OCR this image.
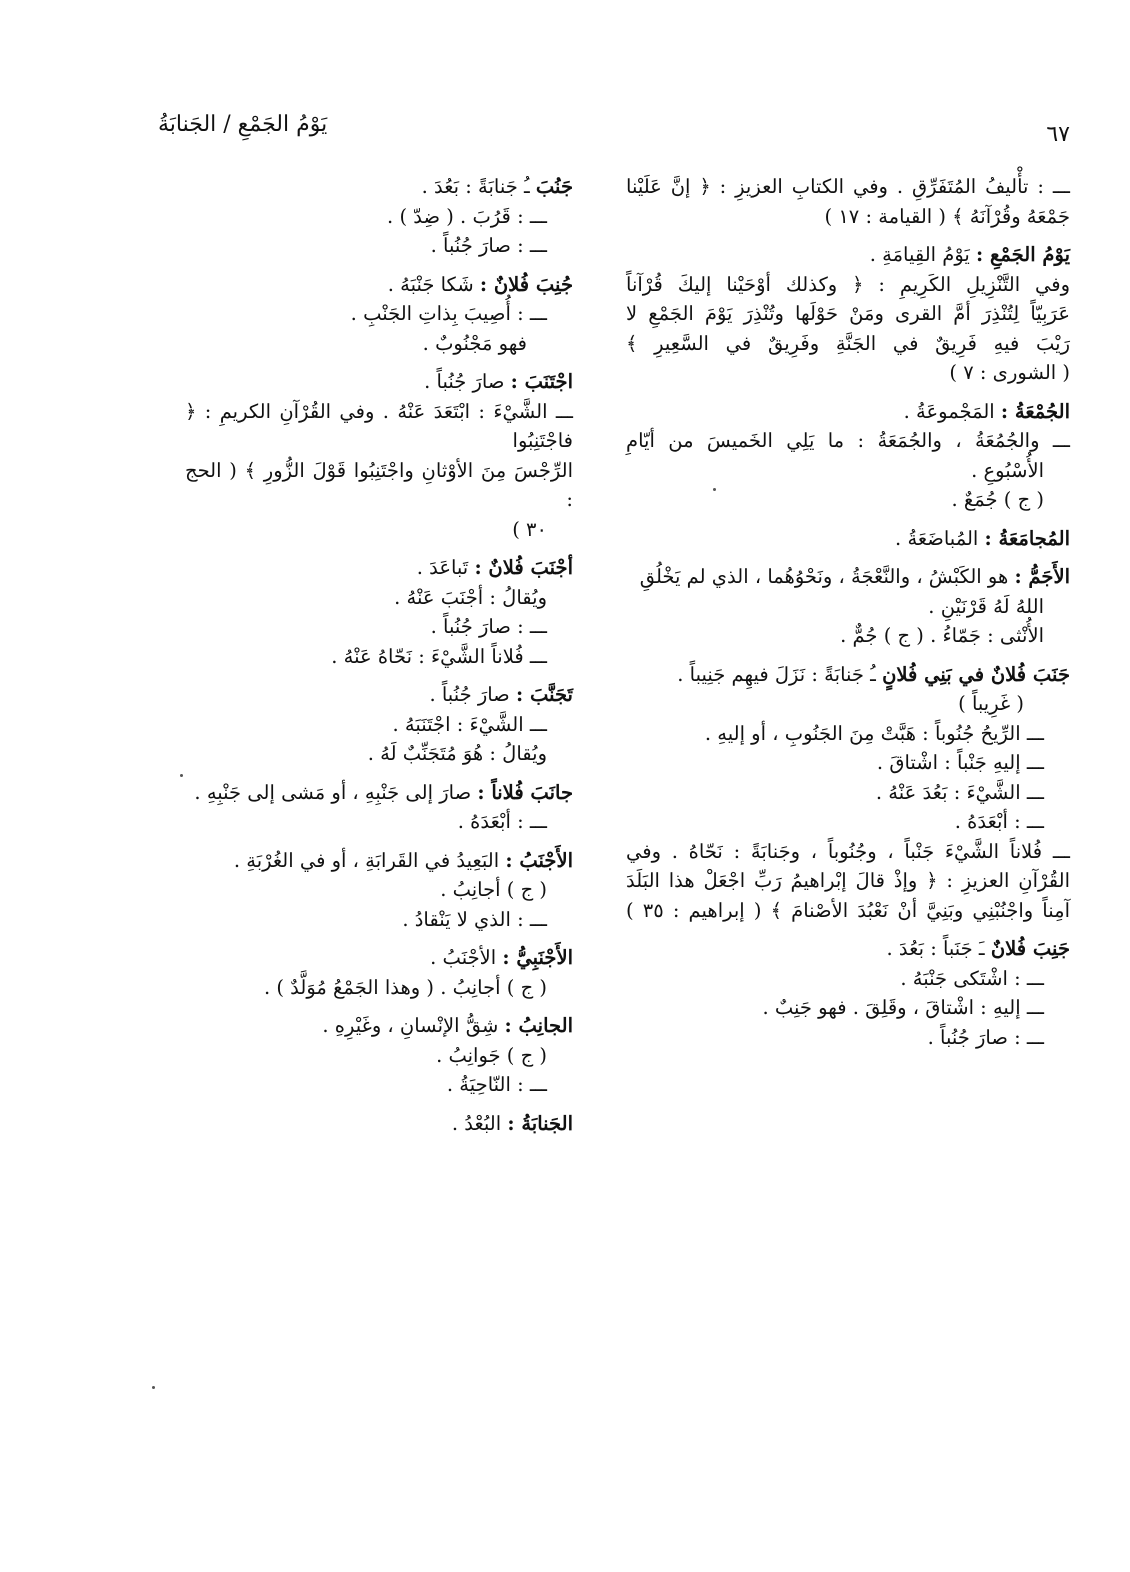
يَوْمُ الجَمْعِ / الجَنابَةُ	٦٧
ـــ : تأْليفُ المُتَفَرِّقِ . وفي الكتابِ العزيزِ : ﴿ إنَّ عَلَيْنا
جَمْعَهُ وقُرْآنَهُ ﴾ ( القيامة : ١٧ )
يَوْمُ الجَمْعِ : يَوْمُ القِيامَةِ .
وفي التَّنْزِيلِ الكَرِيمِ : ﴿ وكذلك أوْحَيْنا إليكَ قُرْآناً
عَرَبِيّاً لِتُنْذِرَ أمَّ القرى ومَنْ حَوْلَها وتُنْذِرَ يَوْمَ الجَمْعِ لا
رَيْبَ فيهِ فَرِيقٌ في الجَنَّةِ وفَرِيقٌ في السَّعِيرِ ﴾
( الشورى : ٧ )
الجُمْعَةُ : المَجْموعَةُ .
ـــ والجُمُعَةُ ، والجُمَعَةُ : ما يَلِي الخَميسَ من أيّامِ
الأُسْبُوعِ .
( ج ) جُمَعٌ .
المُجامَعَةُ : المُباضَعَةُ .
الأَجَمُّ : هو الكَبْشُ ، والنَّعْجَةُ ، ونَحْوُهُما ، الذي لم يَخْلُقِ
اللهُ لَهُ قَرْنَيْنِ .
الأُنْثى : جَمّاءُ . ( ج ) جُمٌّ .
جَنَبَ فُلانٌ في بَنِي فُلانٍ ـُ جَنابَةً : نَزَلَ فيهِم جَنِيباً .
( غَرِيباً )
ـــ الرِّيحُ جُنُوباً : هَبَّتْ مِنَ الجَنُوبِ ، أو إليهِ .
ـــ إليهِ جَنْباً : اشْتاقَ .
ـــ الشَّيْءَ : بَعُدَ عَنْهُ .
ـــ : أبْعَدَهُ .
ـــ فُلاناً الشَّيْءَ جَنْباً ، وجُنُوباً ، وجَنابَةً : نَحّاهُ . وفي
القُرْآنِ العزيزِ : ﴿ وإذْ قالَ إبْراهيمُ رَبِّ اجْعَلْ هذا البَلَدَ
آمِناً واجْنُبْنِي وبَنِيَّ أنْ نَعْبُدَ الأصْنامَ ﴾ ( إبراهيم : ٣٥ )
جَنِبَ فُلانٌ ـَ جَنَباً : بَعُدَ .
ـــ : اشْتَكى جَنْبَهُ .
ـــ إليهِ : اشْتاقَ ، وقَلِقَ . فهو جَنِبٌ .
ـــ : صارَ جُنُباً .
جَنُبَ ـُ جَنابَةً : بَعُدَ .
ـــ : قَرُبَ . ( ضِدّ ) .
ـــ : صارَ جُنُباً .
جُنِبَ فُلانٌ : شَكا جَنْبَهُ .
ـــ : أُصِيبَ بِذاتِ الجَنْبِ .
فهو مَجْنُوبٌ .
اجْتَنَبَ : صارَ جُنُباً .
ـــ الشَّيْءَ : ابْتَعَدَ عَنْهُ . وفي القُرْآنِ الكريمِ : ﴿ فاجْتَنِبُوا
الرِّجْسَ مِنَ الأوْثانِ واجْتَنِبُوا قَوْلَ الزُّورِ ﴾ ( الحج :
٣٠ )
أجْنَبَ فُلانٌ : تَباعَدَ .
ويُقالُ : أجْنَبَ عَنْهُ .
ـــ : صارَ جُنُباً .
ـــ فُلاناً الشَّيْءَ : نَحّاهُ عَنْهُ .
تَجَنَّبَ : صارَ جُنُباً .
ـــ الشَّيْءَ : اجْتَنَبَهُ .
ويُقالُ : هُوَ مُتَجَنِّبٌ لَهُ .
جانَبَ فُلاناً : صارَ إلى جَنْبِهِ ، أو مَشى إلى جَنْبِهِ .
ـــ : أبْعَدَهُ .
الأَجْنَبُ : البَعِيدُ في القَرابَةِ ، أو في الغُرْبَةِ .
( ج ) أجانِبُ .
ـــ : الذي لا يَنْقادُ .
الأَجْنَبِيُّ : الأجْنَبُ .
( ج ) أجانِبُ . ( وهذا الجَمْعُ مُوَلَّدٌ ) .
الجانِبُ : شِقُّ الإنْسانِ ، وغَيْرِهِ .
( ج ) جَوانِبُ .
ـــ : النّاحِيَةُ .
الجَنابَةُ : البُعْدُ .
